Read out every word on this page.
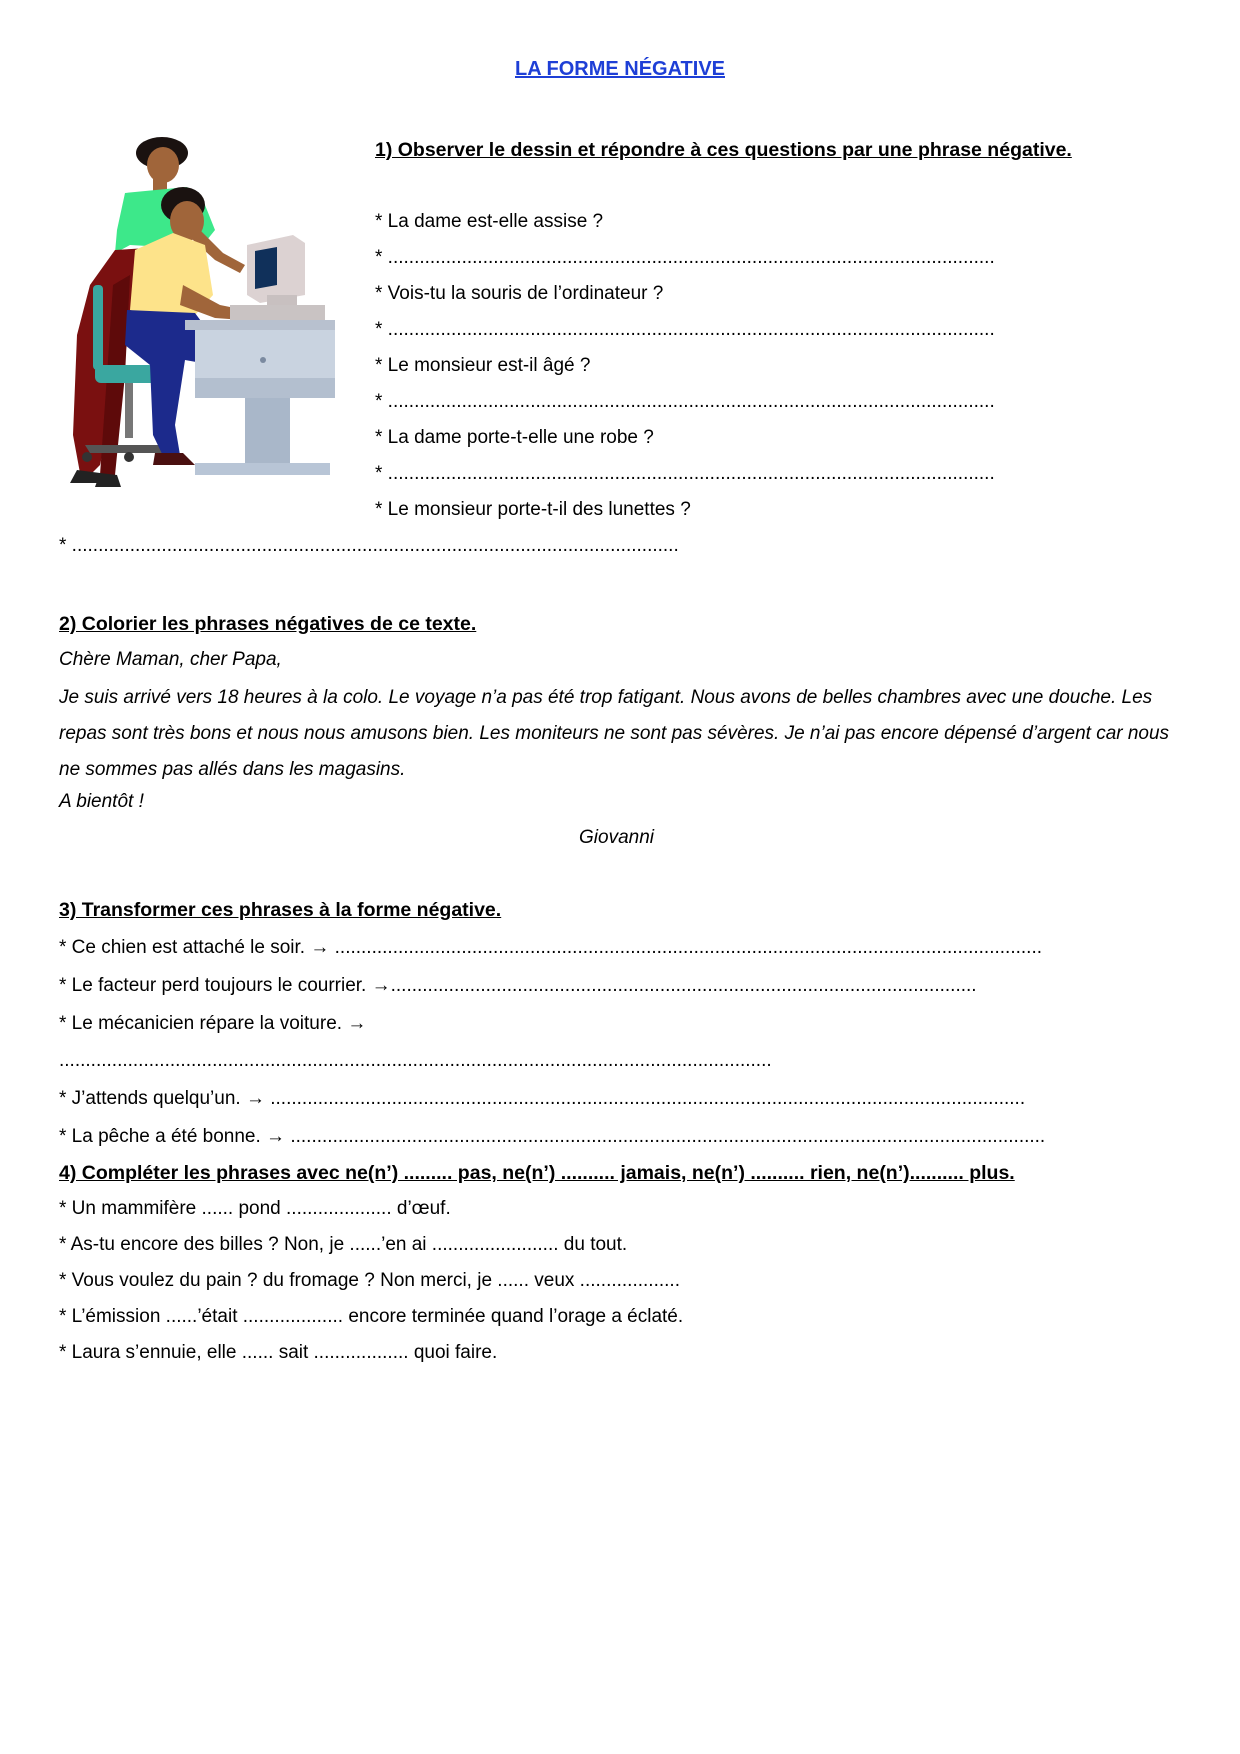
LA FORME NÉGATIVE
1) Observer le dessin et répondre à ces questions par une phrase négative.
* La dame est-elle assise ?
* ...................................................................................................................
* Vois-tu la souris de l’ordinateur ?
* ...................................................................................................................
* Le monsieur est-il âgé ?
* ...................................................................................................................
* La dame porte-t-elle une robe ?
* ...................................................................................................................
* Le monsieur porte-t-il des lunettes ?
* ...................................................................................................................
2) Colorier les phrases négatives de ce texte.
Chère Maman, cher Papa,
Je suis arrivé vers 18 heures à la colo. Le voyage n’a pas été trop fatigant. Nous avons de belles chambres avec une douche. Les repas sont très bons et nous nous amusons bien. Les moniteurs ne sont pas sévères. Je n’ai pas encore dépensé d’argent car nous ne sommes pas allés dans les magasins.
A bientôt !
Giovanni
3) Transformer ces phrases à la forme négative.
* Ce chien est attaché le soir. → ......................................................................................................................................
* Le facteur perd toujours le courrier. →...............................................................................................................
* Le mécanicien répare la voiture. →
.......................................................................................................................................
* J’attends quelqu’un. → ...............................................................................................................................................
* La pêche a été bonne. → ...............................................................................................................................................
4) Compléter les phrases avec ne(n’) ......... pas, ne(n’) .......... jamais, ne(n’) .......... rien, ne(n’).......... plus.
* Un mammifère ...... pond .................... d’œuf.
* As-tu encore des billes ? Non, je ......’en ai ........................ du tout.
* Vous voulez du pain ? du fromage ? Non merci, je ...... veux ...................
* L’émission ......’était ................... encore terminée quand l’orage a éclaté.
* Laura s’ennuie, elle ...... sait .................. quoi faire.
